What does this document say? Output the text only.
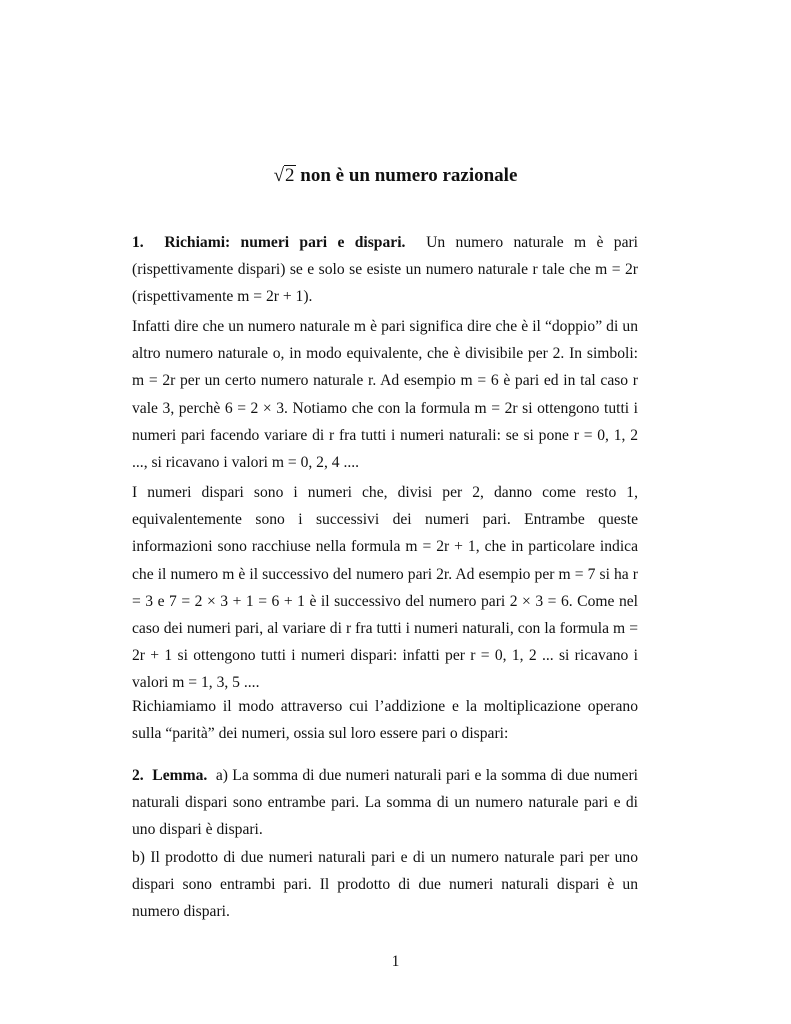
√2 non è un numero razionale

1. Richiami: numeri pari e dispari. Un numero naturale m è pari (rispettivamente dispari) se e solo se esiste un numero naturale r tale che m = 2r (rispettivamente m = 2r + 1).

Infatti dire che un numero naturale m è pari significa dire che è il “doppio” di un altro numero naturale o, in modo equivalente, che è divisibile per 2. In simboli: m = 2r per un certo numero naturale r. Ad esempio m = 6 è pari ed in tal caso r vale 3, perchè 6 = 2 × 3. Notiamo che con la formula m = 2r si ottengono tutti i numeri pari facendo variare di r fra tutti i numeri naturali: se si pone r = 0, 1, 2 ..., si ricavano i valori m = 0, 2, 4 ....

I numeri dispari sono i numeri che, divisi per 2, danno come resto 1, equivalentemente sono i successivi dei numeri pari. Entrambe queste informazioni sono racchiuse nella formula m = 2r + 1, che in particolare indica che il numero m è il successivo del numero pari 2r. Ad esempio per m = 7 si ha r = 3 e 7 = 2 × 3 + 1 = 6 + 1 è il successivo del numero pari 2 × 3 = 6. Come nel caso dei numeri pari, al variare di r fra tutti i numeri naturali, con la formula m = 2r + 1 si ottengono tutti i numeri dispari: infatti per r = 0, 1, 2 ... si ricavano i valori m = 1, 3, 5 ....

Richiamiamo il modo attraverso cui l’addizione e la moltiplicazione operano sulla “parità” dei numeri, ossia sul loro essere pari o dispari:

2. Lemma. a) La somma di due numeri naturali pari e la somma di due numeri naturali dispari sono entrambe pari. La somma di un numero naturale pari e di uno dispari è dispari.

b) Il prodotto di due numeri naturali pari e di un numero naturale pari per uno dispari sono entrambi pari. Il prodotto di due numeri naturali dispari è un numero dispari.

1
